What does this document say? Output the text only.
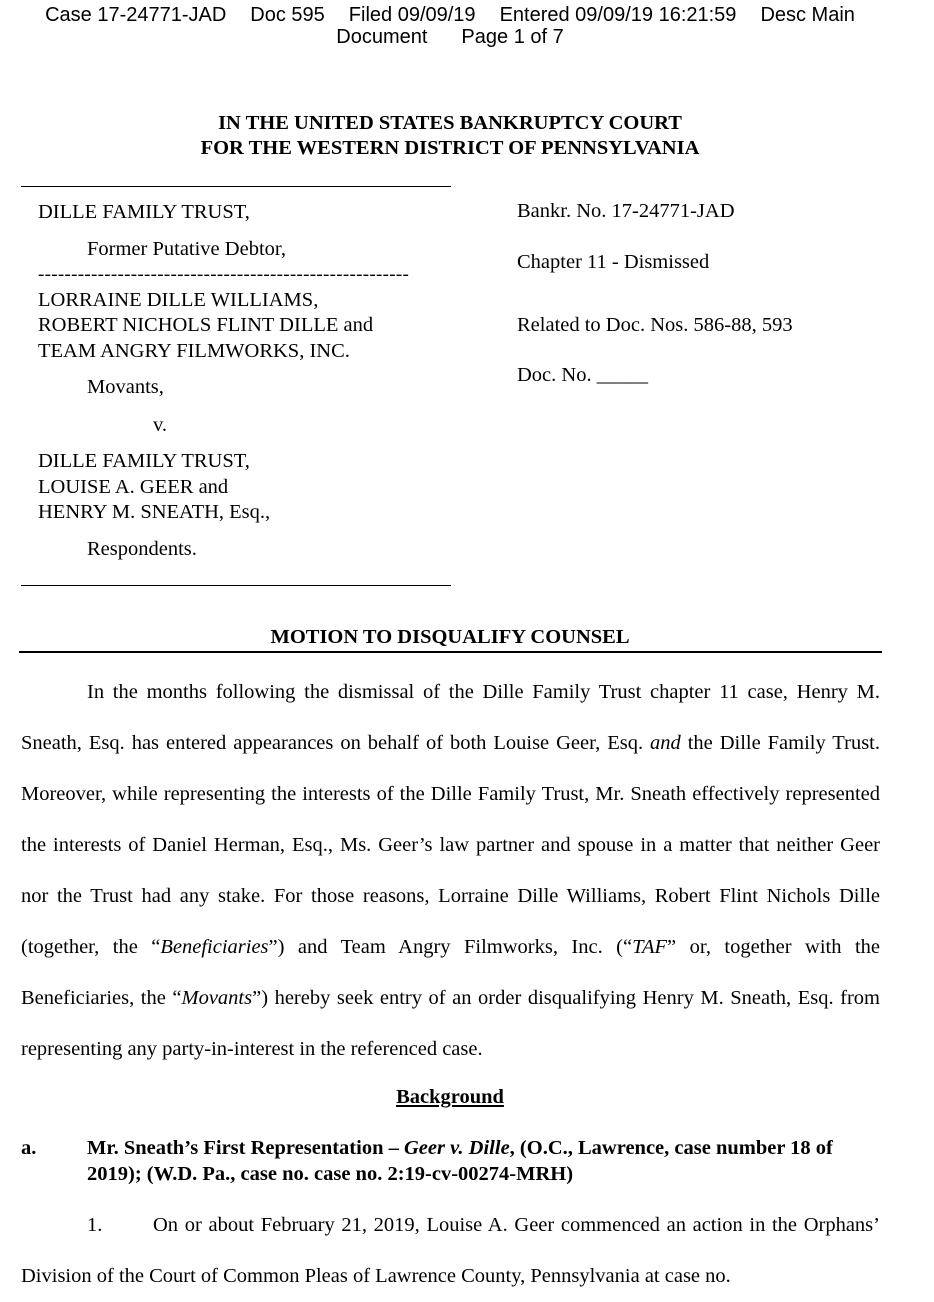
Case 17-24771-JAD Doc 595 Filed 09/09/19 Entered 09/09/19 16:21:59 Desc Main
Document Page 1 of 7
IN THE UNITED STATES BANKRUPTCY COURT
FOR THE WESTERN DISTRICT OF PENNSYLVANIA
DILLE FAMILY TRUST,
Former Putative Debtor,
--------------------------------------------------------
LORRAINE DILLE WILLIAMS,
ROBERT NICHOLS FLINT DILLE and
TEAM ANGRY FILMWORKS, INC.
Movants,
v.
DILLE FAMILY TRUST,
LOUISE A. GEER and
HENRY M. SNEATH, Esq.,
Respondents.
Bankr. No. 17-24771-JAD
Chapter 11 - Dismissed
Related to Doc. Nos. 586-88, 593
Doc. No. _____
MOTION TO DISQUALIFY COUNSEL

In the months following the dismissal of the Dille Family Trust chapter 11 case, Henry M. Sneath, Esq. has entered appearances on behalf of both Louise Geer, Esq. and the Dille Family Trust. Moreover, while representing the interests of the Dille Family Trust, Mr. Sneath effectively represented the interests of Daniel Herman, Esq., Ms. Geer’s law partner and spouse in a matter that neither Geer nor the Trust had any stake. For those reasons, Lorraine Dille Williams, Robert Flint Nichols Dille (together, the “Beneficiaries”) and Team Angry Filmworks, Inc. (“TAF” or, together with the Beneficiaries, the “Movants”) hereby seek entry of an order disqualifying Henry M. Sneath, Esq. from representing any party-in-interest in the referenced case.

Background
a. Mr. Sneath’s First Representation – Geer v. Dille, (O.C., Lawrence, case number 18 of 2019); (W.D. Pa., case no. case no. 2:19-cv-00274-MRH)
1. On or about February 21, 2019, Louise A. Geer commenced an action in the Orphans’ Division of the Court of Common Pleas of Lawrence County, Pennsylvania at case no.
